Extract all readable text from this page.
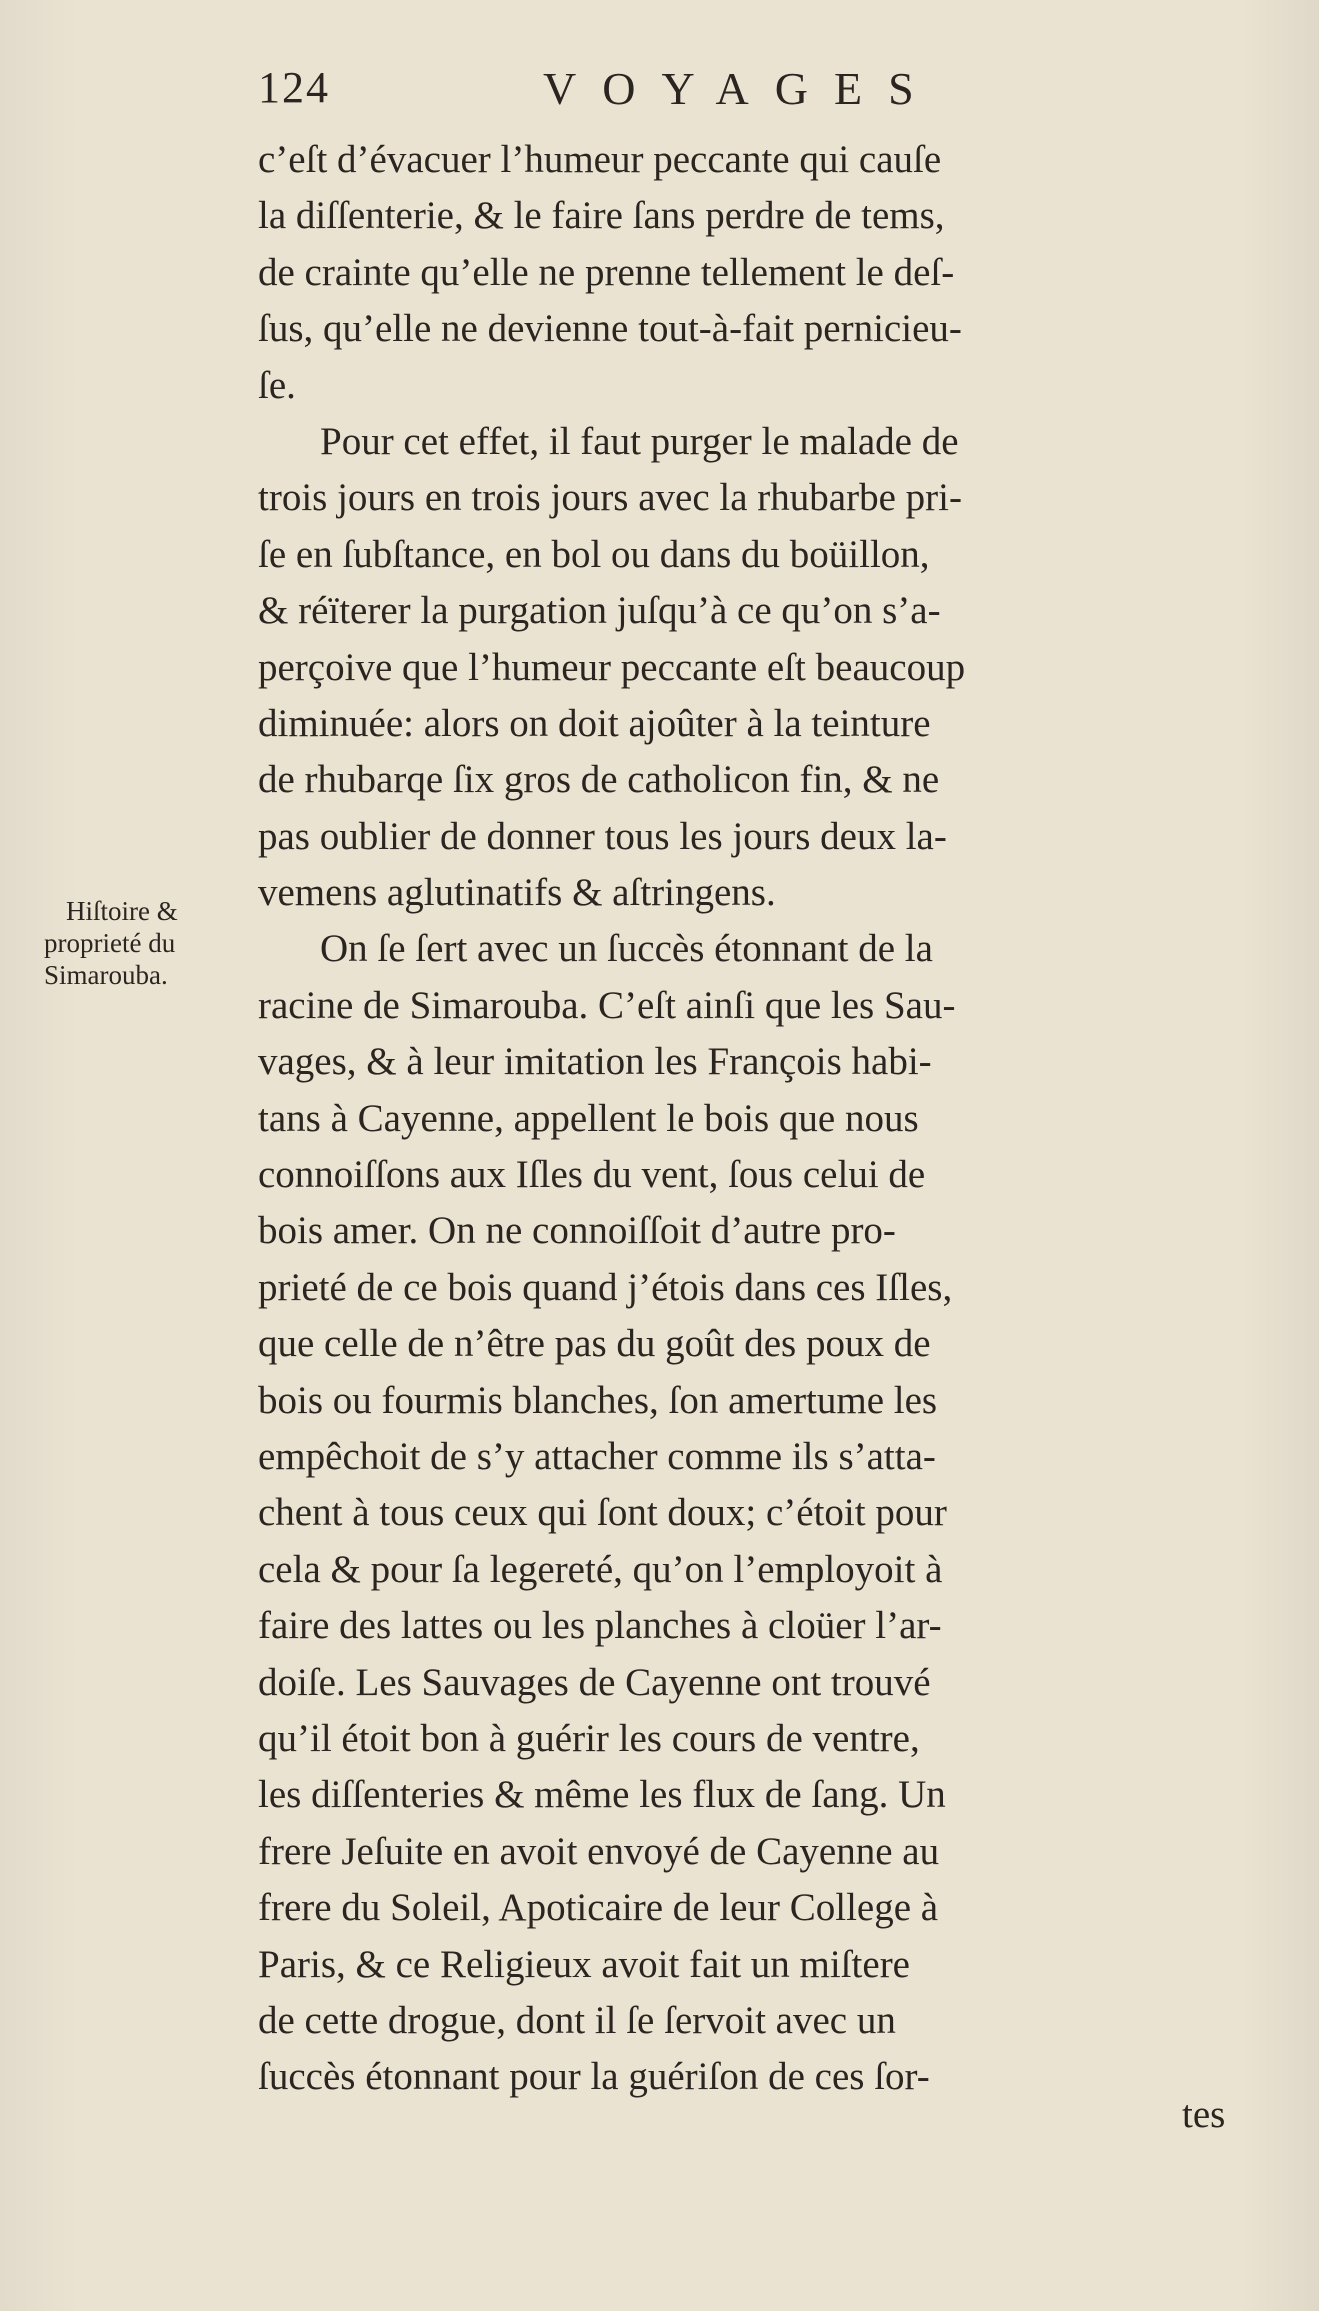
124	VOYAGES
Hiſtoire &
proprieté du
Simarouba.
c’eſt d’évacuer l’humeur peccante qui cauſe
la diſſenterie, & le faire ſans perdre de tems,
de crainte qu’elle ne prenne tellement le deſ-
ſus, qu’elle ne devienne tout-à-fait pernicieu-
ſe.
Pour cet effet, il faut purger le malade de
trois jours en trois jours avec la rhubarbe pri-
ſe en ſubſtance, en bol ou dans du boüillon,
& réïterer la purgation juſqu’à ce qu’on s’a-
perçoive que l’humeur peccante eſt beaucoup
diminuée: alors on doit ajoûter à la teinture
de rhubarqe ſix gros de catholicon fin, & ne
pas oublier de donner tous les jours deux la-
vemens aglutinatifs & aſtringens.
On ſe ſert avec un ſuccès étonnant de la
racine de Simarouba. C’eſt ainſi que les Sau-
vages, & à leur imitation les François habi-
tans à Cayenne, appellent le bois que nous
connoiſſons aux Iſles du vent, ſous celui de
bois amer. On ne connoiſſoit d’autre pro-
prieté de ce bois quand j’étois dans ces Iſles,
que celle de n’être pas du goût des poux de
bois ou fourmis blanches, ſon amertume les
empêchoit de s’y attacher comme ils s’atta-
chent à tous ceux qui ſont doux; c’étoit pour
cela & pour ſa legereté, qu’on l’employoit à
faire des lattes ou les planches à cloüer l’ar-
doiſe. Les Sauvages de Cayenne ont trouvé
qu’il étoit bon à guérir les cours de ventre,
les diſſenteries & même les flux de ſang. Un
frere Jeſuite en avoit envoyé de Cayenne au
frere du Soleil, Apoticaire de leur College à
Paris, & ce Religieux avoit fait un miſtere
de cette drogue, dont il ſe ſervoit avec un
ſuccès étonnant pour la guériſon de ces ſor-
tes
